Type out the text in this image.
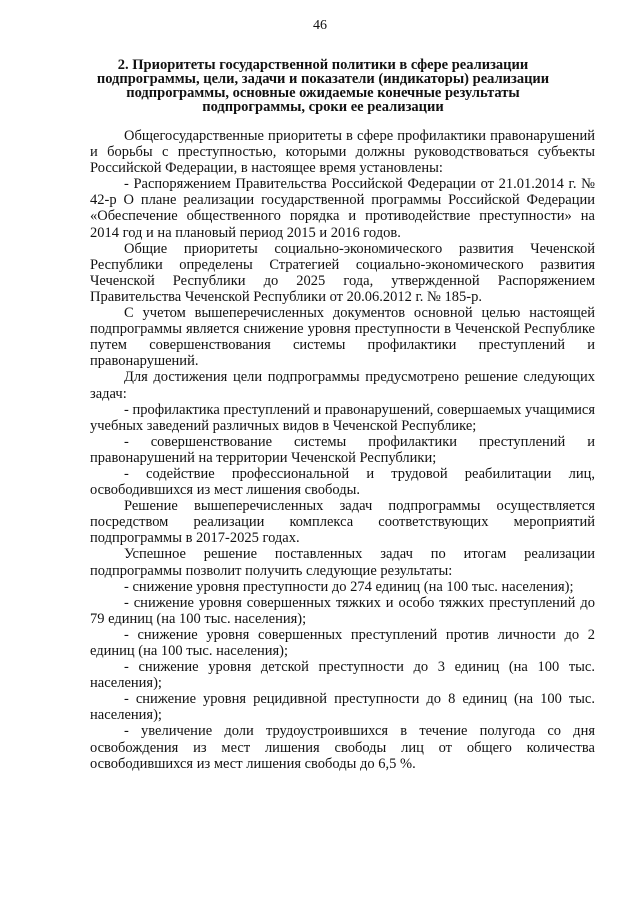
46
2. Приоритеты государственной политики в сфере реализации подпрограммы, цели, задачи и показатели (индикаторы) реализации подпрограммы, основные ожидаемые конечные результаты подпрограммы, сроки ее реализации

Общегосударственные приоритеты в сфере профилактики правонарушений и борьбы с преступностью, которыми должны руководствоваться субъекты Российской Федерации, в настоящее время установлены:

- Распоряжением Правительства Российской Федерации от 21.01.2014 г. № 42-р О плане реализации государственной программы Российской Федерации «Обеспечение общественного порядка и противодействие преступности» на 2014 год и на плановый период 2015 и 2016 годов.

Общие приоритеты социально-экономического развития Чеченской Республики определены Стратегией социально-экономического развития Чеченской Республики до 2025 года, утвержденной Распоряжением Правительства Чеченской Республики от 20.06.2012 г. № 185-р.

С учетом вышеперечисленных документов основной целью настоящей подпрограммы является снижение уровня преступности в Чеченской Республике путем совершенствования системы профилактики преступлений и правонарушений.

Для достижения цели подпрограммы предусмотрено решение следующих задач:

- профилактика преступлений и правонарушений, совершаемых учащимися учебных заведений различных видов в Чеченской Республике;

- совершенствование системы профилактики преступлений и правонарушений на территории Чеченской Республики;

- содействие профессиональной и трудовой реабилитации лиц, освободившихся из мест лишения свободы.

Решение вышеперечисленных задач подпрограммы осуществляется посредством реализации комплекса соответствующих мероприятий подпрограммы в 2017-2025 годах.

Успешное решение поставленных задач по итогам реализации подпрограммы позволит получить следующие результаты:

- снижение уровня преступности до 274 единиц (на 100 тыс. населения);

- снижение уровня совершенных тяжких и особо тяжких преступлений до 79 единиц (на 100 тыс. населения);

- снижение уровня совершенных преступлений против личности до 2 единиц (на 100 тыс. населения);

- снижение уровня детской преступности до 3 единиц (на 100 тыс. населения);

- снижение уровня рецидивной преступности до 8 единиц (на 100 тыс. населения);

- увеличение доли трудоустроившихся в течение полугода со дня освобождения из мест лишения свободы лиц от общего количества освободившихся из мест лишения свободы до 6,5 %.
